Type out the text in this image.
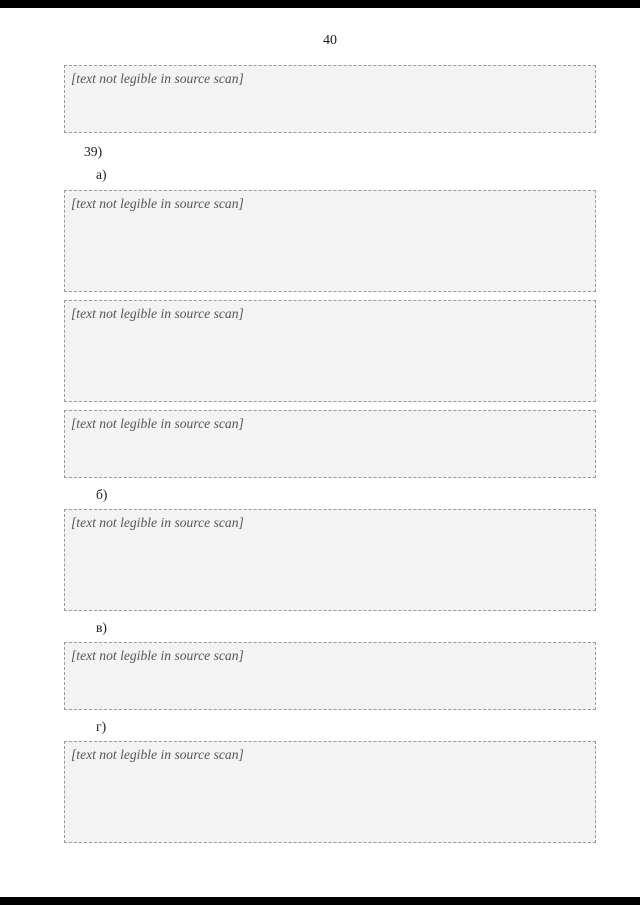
40
[text not legible in source scan]
39)
а)
[text not legible in source scan]
[text not legible in source scan]
[text not legible in source scan]
б)
[text not legible in source scan]
в)
[text not legible in source scan]
г)
[text not legible in source scan]
